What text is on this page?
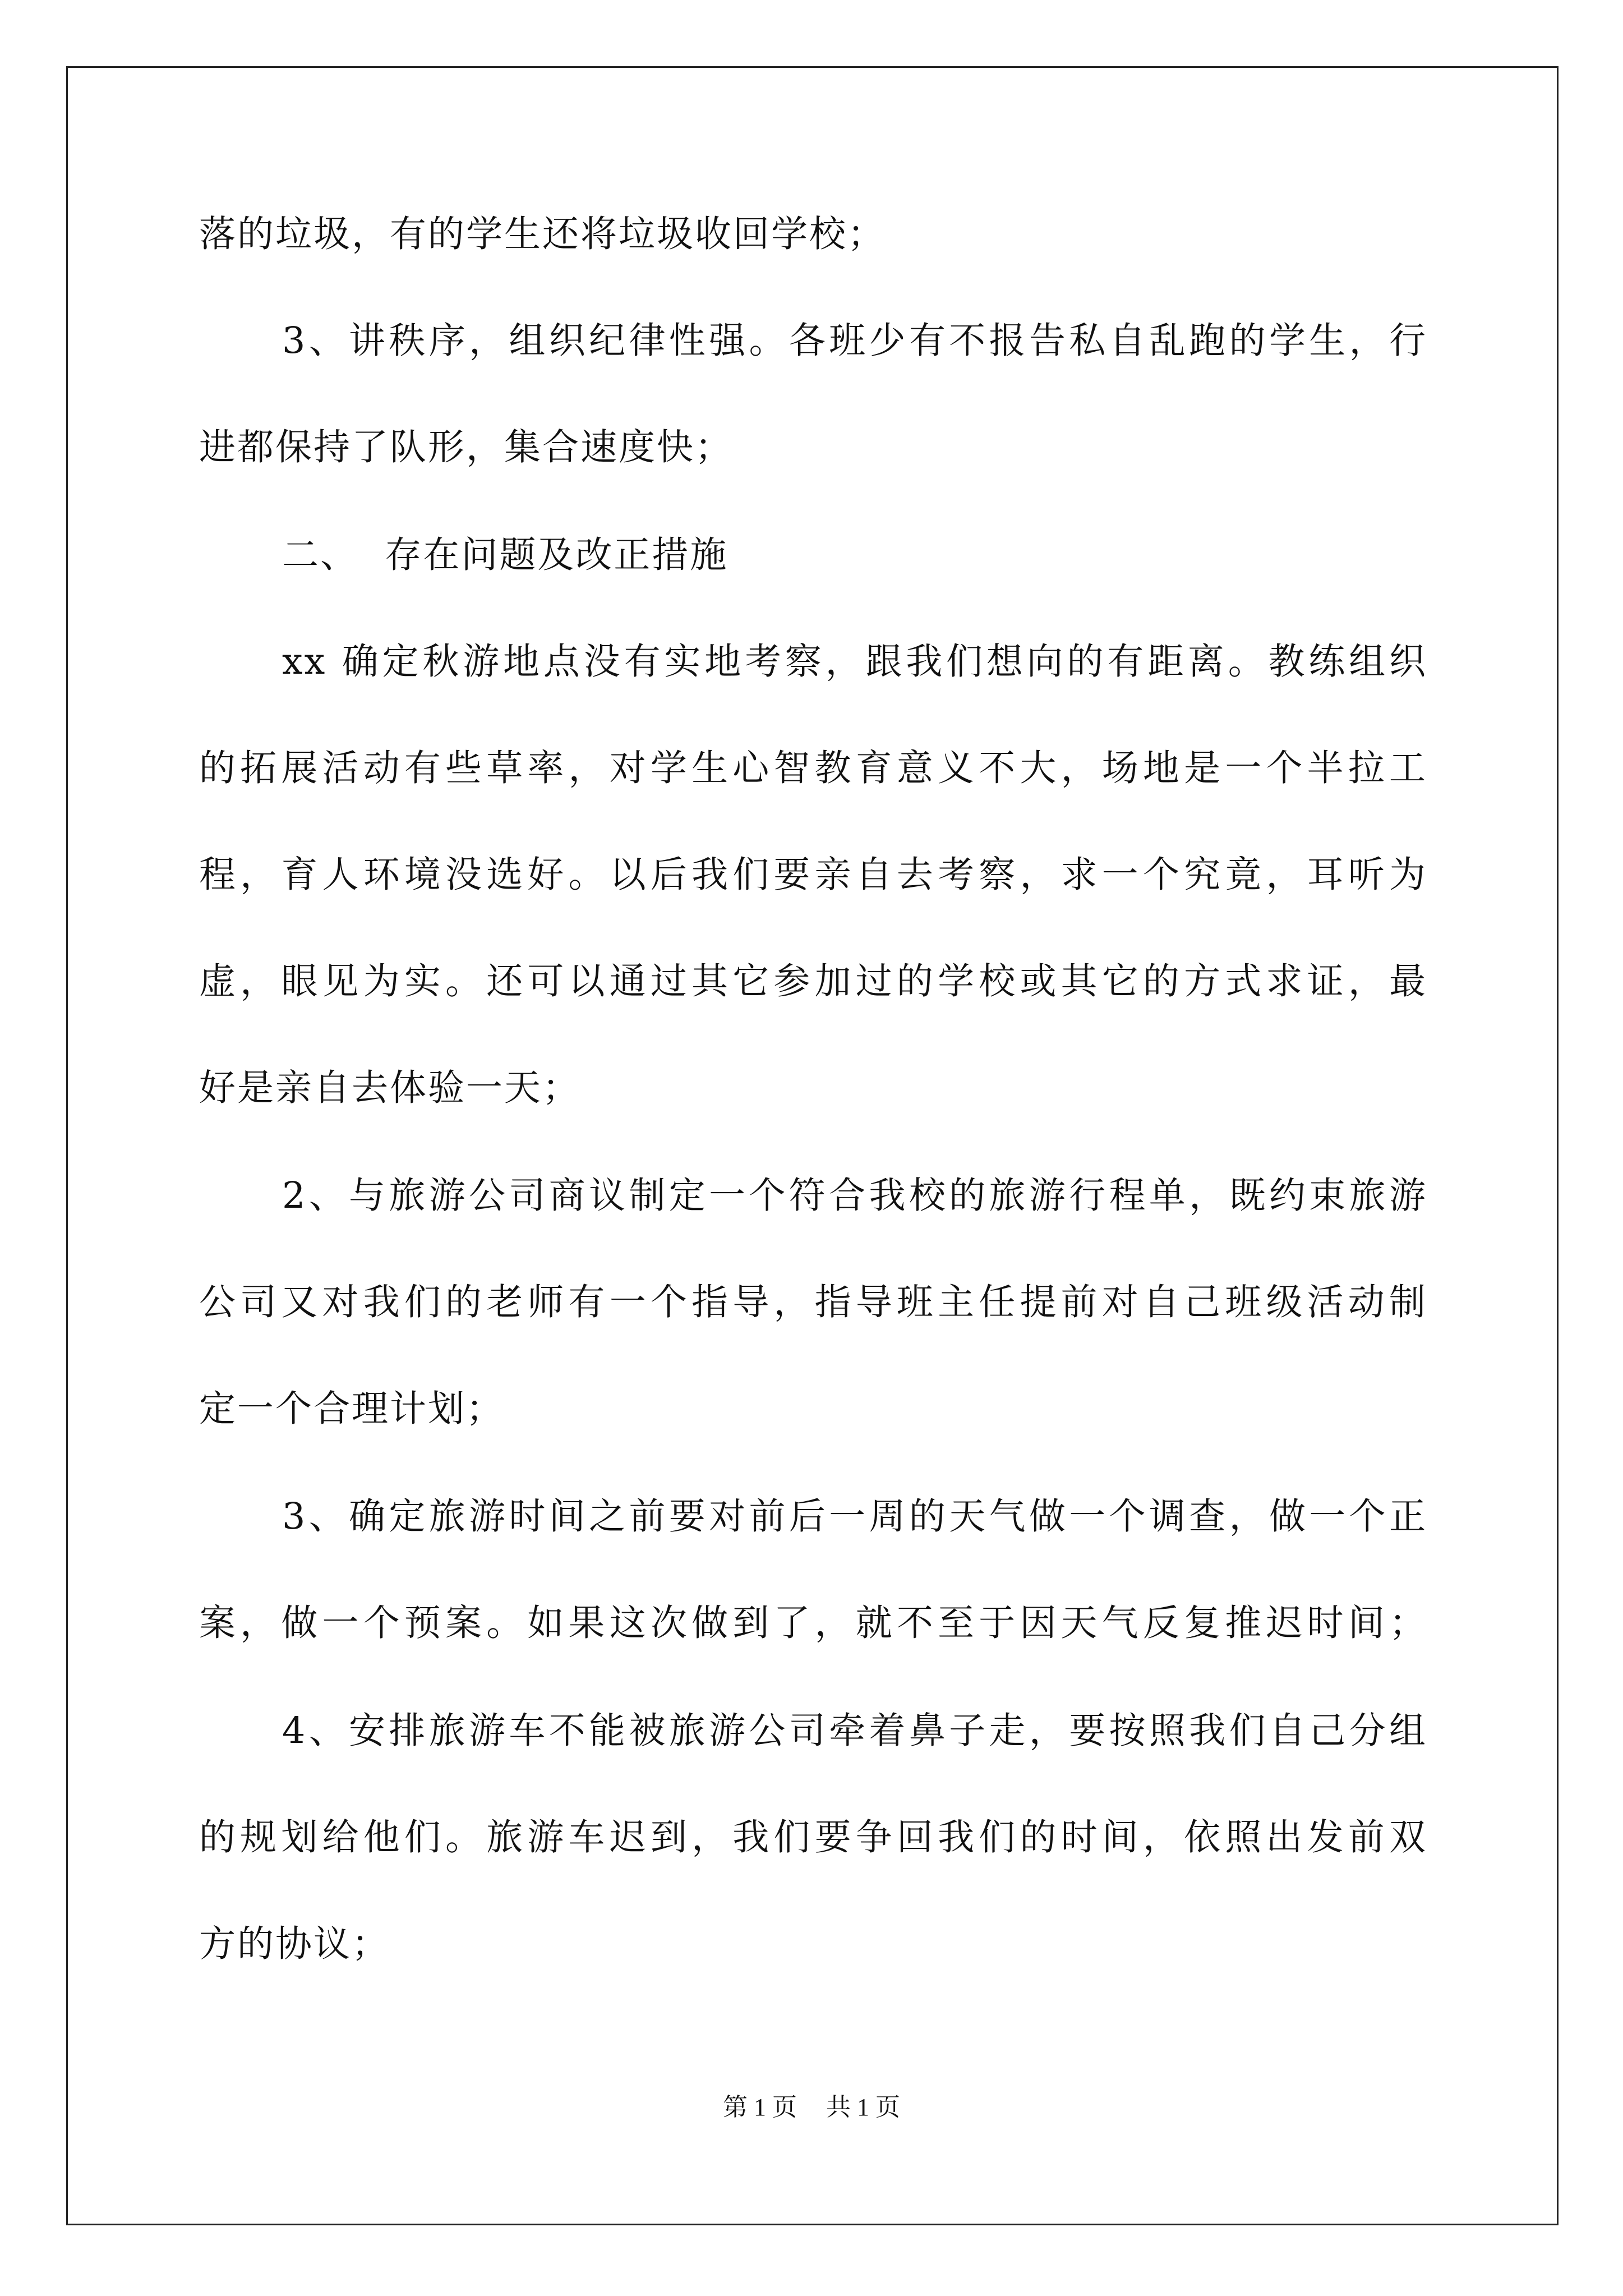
落的垃圾，有的学生还将垃圾收回学校；
3、讲秩序，组织纪律性强。各班少有不报告私自乱跑的学生，行
进都保持了队形，集合速度快；
二、  存在问题及改正措施
xx 确定秋游地点没有实地考察，跟我们想向的有距离。教练组织
的拓展活动有些草率，对学生心智教育意义不大，场地是一个半拉工
程，育人环境没选好。以后我们要亲自去考察，求一个究竟，耳听为
虚，眼见为实。还可以通过其它参加过的学校或其它的方式求证，最
好是亲自去体验一天；
2、与旅游公司商议制定一个符合我校的旅游行程单，既约束旅游
公司又对我们的老师有一个指导，指导班主任提前对自己班级活动制
定一个合理计划；
3、确定旅游时间之前要对前后一周的天气做一个调查，做一个正
案，做一个预案。如果这次做到了，就不至于因天气反复推迟时间；
4、安排旅游车不能被旅游公司牵着鼻子走，要按照我们自己分组
的规划给他们。旅游车迟到，我们要争回我们的时间，依照出发前双
方的协议；
第 1 页 共 1 页
